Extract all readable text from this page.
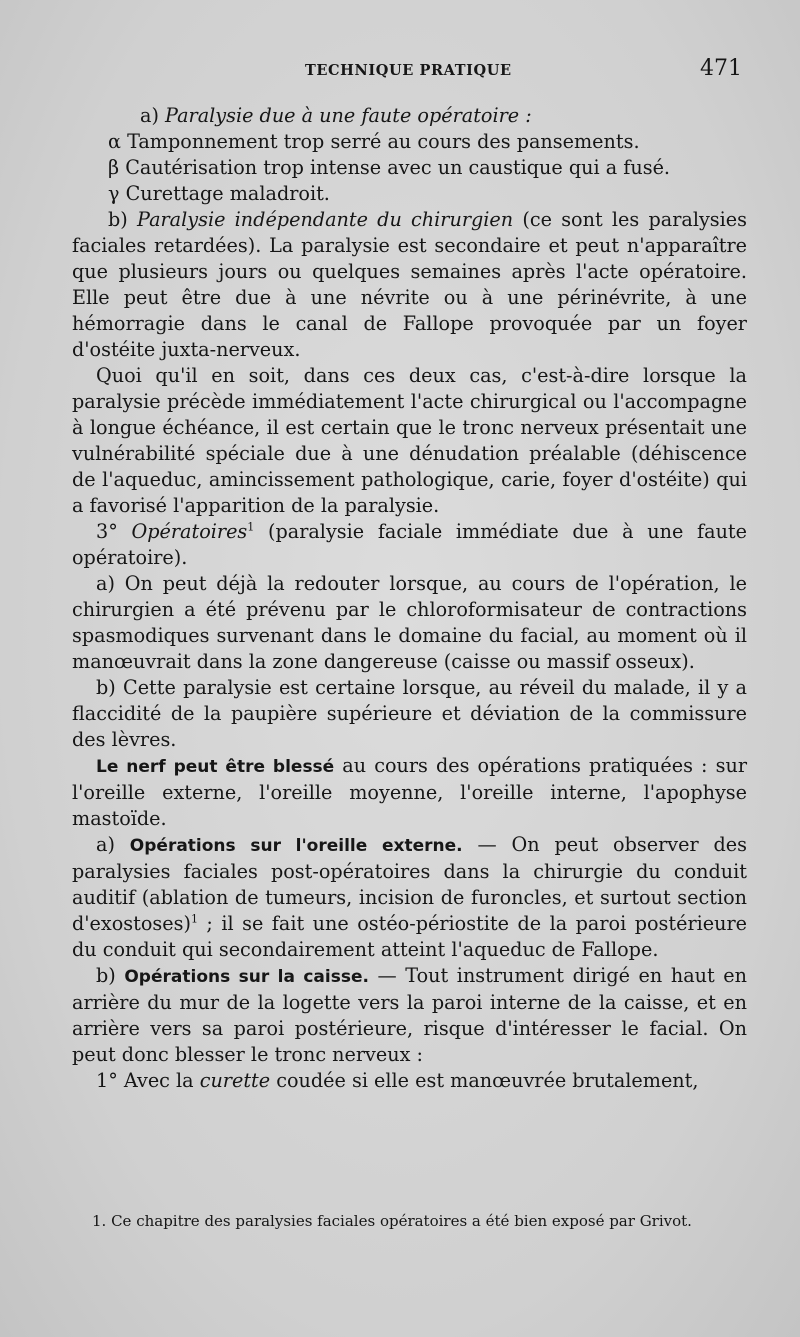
TECHNIQUE PRATIQUE	471

a) Paralysie due à une faute opératoire :

α Tamponnement trop serré au cours des pansements.

β Cautérisation trop intense avec un caustique qui a fusé.

γ Curettage maladroit.

b) Paralysie indépendante du chirurgien (ce sont les paralysies faciales retardées). La paralysie est secondaire et peut n'apparaître que plusieurs jours ou quelques semaines après l'acte opératoire. Elle peut être due à une névrite ou à une périnévrite, à une hémorragie dans le canal de Fallope provoquée par un foyer d'ostéite juxta-nerveux.

Quoi qu'il en soit, dans ces deux cas, c'est-à-dire lorsque la paralysie précède immédiatement l'acte chirurgical ou l'accompagne à longue échéance, il est certain que le tronc nerveux présentait une vulnérabilité spéciale due à une dénudation préalable (déhiscence de l'aqueduc, amincissement pathologique, carie, foyer d'ostéite) qui a favorisé l'apparition de la paralysie.

3° Opératoires$^1$ (paralysie faciale immédiate due à une faute opératoire).

a) On peut déjà la redouter lorsque, au cours de l'opération, le chirurgien a été prévenu par le chloroformisateur de contractions spasmodiques survenant dans le domaine du facial, au moment où il manœuvrait dans la zone dangereuse (caisse ou massif osseux).

b) Cette paralysie est certaine lorsque, au réveil du malade, il y a flaccidité de la paupière supérieure et déviation de la commissure des lèvres.

Le nerf peut être blessé au cours des opérations pratiquées : sur l'oreille externe, l'oreille moyenne, l'oreille interne, l'apophyse mastoïde.

a) Opérations sur l'oreille externe. — On peut observer des paralysies faciales post-opératoires dans la chirurgie du conduit auditif (ablation de tumeurs, incision de furoncles, et surtout section d'exostoses)$^1$ ; il se fait une ostéo-périostite de la paroi postérieure du conduit qui secondairement atteint l'aqueduc de Fallope.

b) Opérations sur la caisse. — Tout instrument dirigé en haut en arrière du mur de la logette vers la paroi interne de la caisse, et en arrière vers sa paroi postérieure, risque d'intéresser le facial. On peut donc blesser le tronc nerveux :

1° Avec la curette coudée si elle est manœuvrée brutalement,

1. Ce chapitre des paralysies faciales opératoires a été bien exposé par Grivot.
